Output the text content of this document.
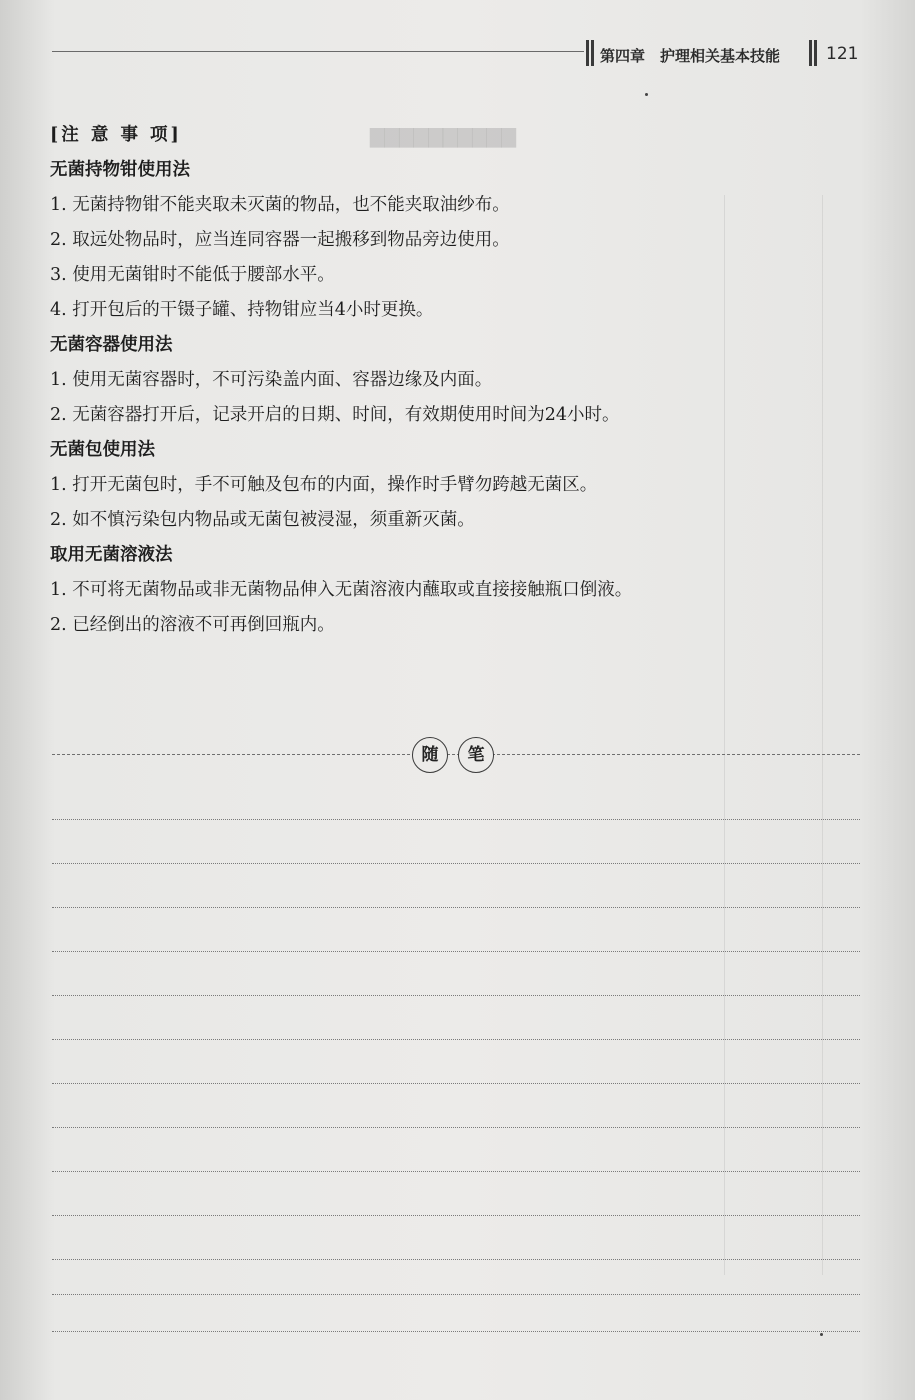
▇▇▇▇▇▇▇▇▇▇
第四章　护理相关基本技能	121
[注 意 事 项]
无菌持物钳使用法
1. 无菌持物钳不能夹取未灭菌的物品，也不能夹取油纱布。
2. 取远处物品时，应当连同容器一起搬移到物品旁边使用。
3. 使用无菌钳时不能低于腰部水平。
4. 打开包后的干镊子罐、持物钳应当4小时更换。
无菌容器使用法
1. 使用无菌容器时，不可污染盖内面、容器边缘及内面。
2. 无菌容器打开后，记录开启的日期、时间，有效期使用时间为24小时。
无菌包使用法
1. 打开无菌包时，手不可触及包布的内面，操作时手臂勿跨越无菌区。
2. 如不慎污染包内物品或无菌包被浸湿，须重新灭菌。
取用无菌溶液法
1. 不可将无菌物品或非无菌物品伸入无菌溶液内蘸取或直接接触瓶口倒液。
2. 已经倒出的溶液不可再倒回瓶内。
随	笔
